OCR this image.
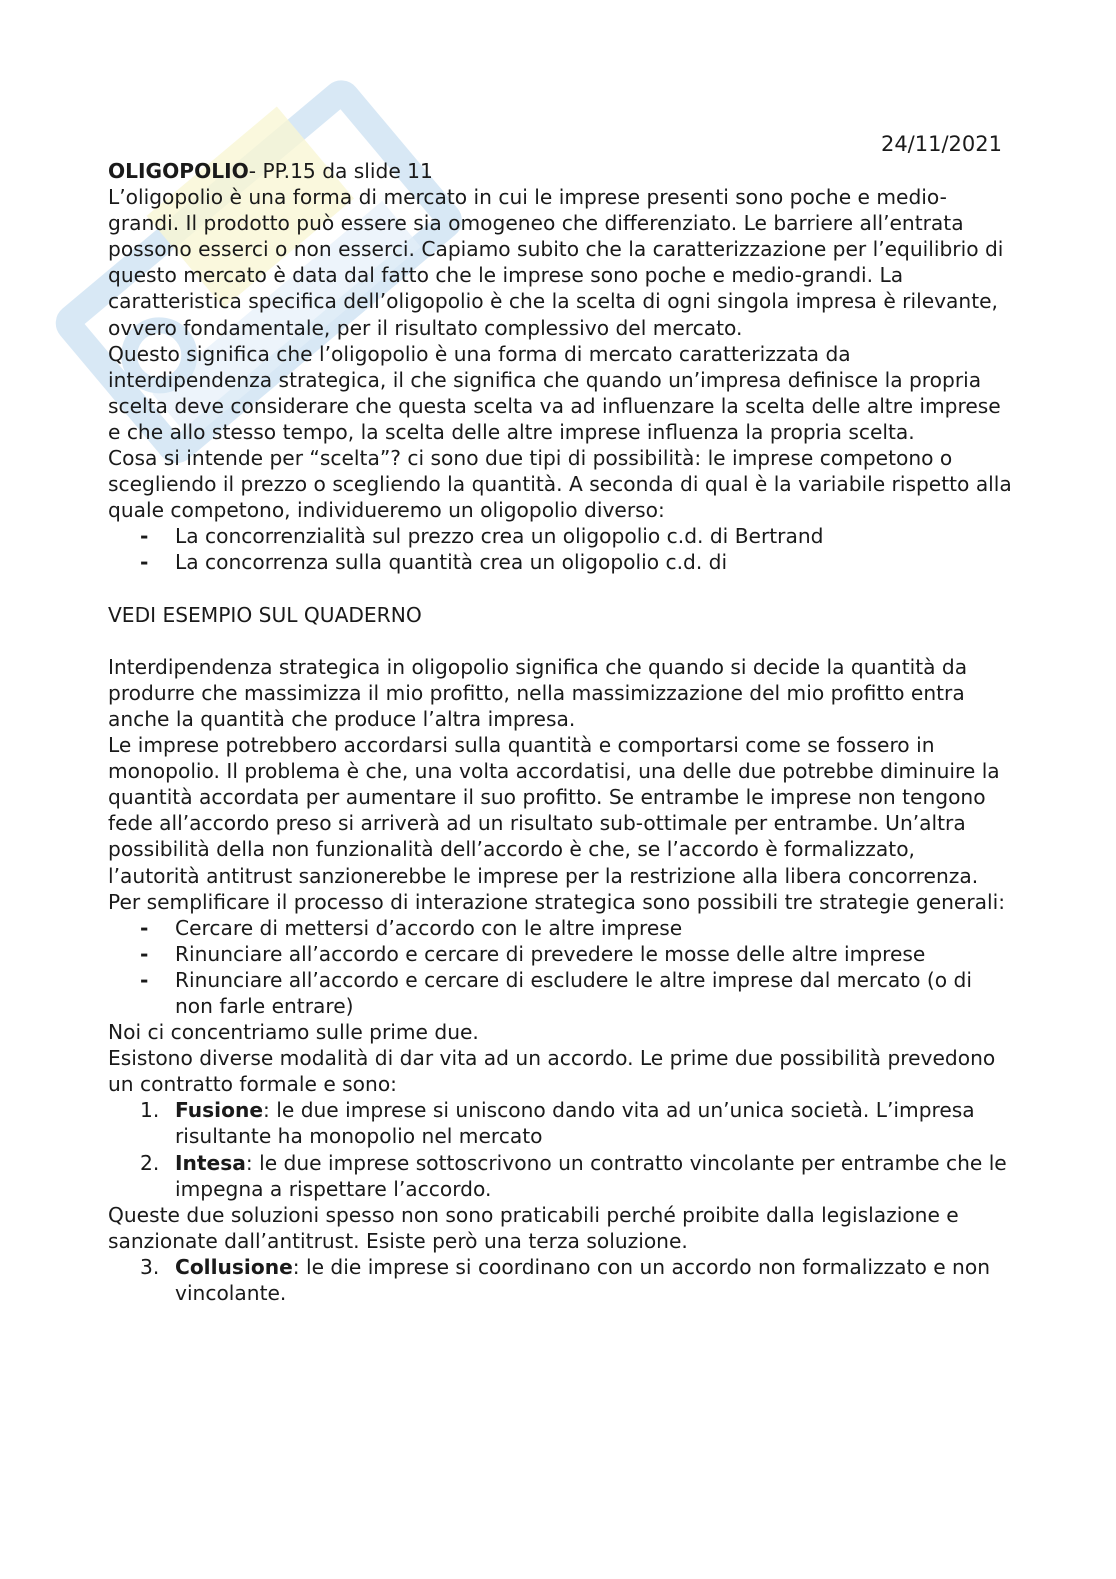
24/11/2021

OLIGOPOLIO- PP.15 da slide 11

L’oligopolio è una forma di mercato in cui le imprese presenti sono poche e medio-grandi. Il prodotto può essere sia omogeneo che differenziato. Le barriere all’entrata possono esserci o non esserci. Capiamo subito che la caratterizzazione per l’equilibrio di questo mercato è data dal fatto che le imprese sono poche e medio-grandi. La caratteristica specifica dell’oligopolio è che la scelta di ogni singola impresa è rilevante, ovvero fondamentale, per il risultato complessivo del mercato.

Questo significa che l’oligopolio è una forma di mercato caratterizzata da interdipendenza strategica, il che significa che quando un’impresa definisce la propria scelta deve considerare che questa scelta va ad influenzare la scelta delle altre imprese e che allo stesso tempo, la scelta delle altre imprese influenza la propria scelta.

Cosa si intende per “scelta”? ci sono due tipi di possibilità: le imprese competono o scegliendo il prezzo o scegliendo la quantità. A seconda di qual è la variabile rispetto alla quale competono, individueremo un oligopolio diverso:

- La concorrenzialità sul prezzo crea un oligopolio c.d. di Bertrand
- La concorrenza sulla quantità crea un oligopolio c.d. di

VEDI ESEMPIO SUL QUADERNO

Interdipendenza strategica in oligopolio significa che quando si decide la quantità da produrre che massimizza il mio profitto, nella massimizzazione del mio profitto entra anche la quantità che produce l’altra impresa.

Le imprese potrebbero accordarsi sulla quantità e comportarsi come se fossero in monopolio. Il problema è che, una volta accordatisi, una delle due potrebbe diminuire la quantità accordata per aumentare il suo profitto. Se entrambe le imprese non tengono fede all’accordo preso si arriverà ad un risultato sub-ottimale per entrambe. Un’altra possibilità della non funzionalità dell’accordo è che, se l’accordo è formalizzato, l’autorità antitrust sanzionerebbe le imprese per la restrizione alla libera concorrenza.

Per semplificare il processo di interazione strategica sono possibili tre strategie generali:

- Cercare di mettersi d’accordo con le altre imprese
- Rinunciare all’accordo e cercare di prevedere le mosse delle altre imprese
- Rinunciare all’accordo e cercare di escludere le altre imprese dal mercato (o di non farle entrare)

Noi ci concentriamo sulle prime due.

Esistono diverse modalità di dar vita ad un accordo. Le prime due possibilità prevedono un contratto formale e sono:

1. Fusione: le due imprese si uniscono dando vita ad un’unica società. L’impresa risultante ha monopolio nel mercato
2. Intesa: le due imprese sottoscrivono un contratto vincolante per entrambe che le impegna a rispettare l’accordo.

Queste due soluzioni spesso non sono praticabili perché proibite dalla legislazione e sanzionate dall’antitrust. Esiste però una terza soluzione.

3. Collusione: le die imprese si coordinano con un accordo non formalizzato e non vincolante.
